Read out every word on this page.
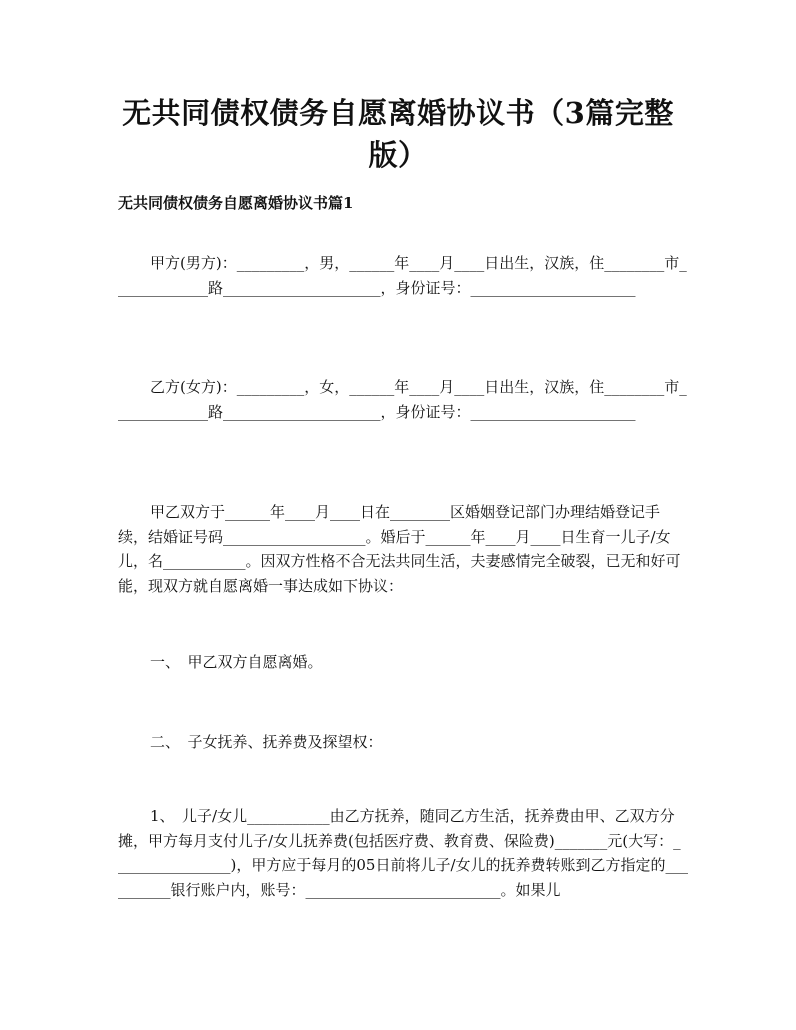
无共同债权债务自愿离婚协议书（3篇完整版）
无共同债权债务自愿离婚协议书篇1
甲方(男方)：_________，男，______年____月____日出生，汉族，住________市_____________路_____________________，身份证号：______________________
乙方(女方)：_________，女，______年____月____日出生，汉族，住________市_____________路_____________________，身份证号：______________________
甲乙双方于______年____月____日在________区婚姻登记部门办理结婚登记手续，结婚证号码___________________。婚后于______年____月____日生育一儿子/女儿，名___________。因双方性格不合无法共同生活，夫妻感情完全破裂，已无和好可能，现双方就自愿离婚一事达成如下协议：
一、　甲乙双方自愿离婚。
二、　子女抚养、抚养费及探望权：
1、　儿子/女儿___________由乙方抚养，随同乙方生活，抚养费由甲、乙双方分摊，甲方每月支付儿子/女儿抚养费(包括医疗费、教育费、保险费)_______元(大写：________________)，甲方应于每月的05日前将儿子/女儿的抚养费转账到乙方指定的__________银行账户内，账号：__________________________。如果儿
